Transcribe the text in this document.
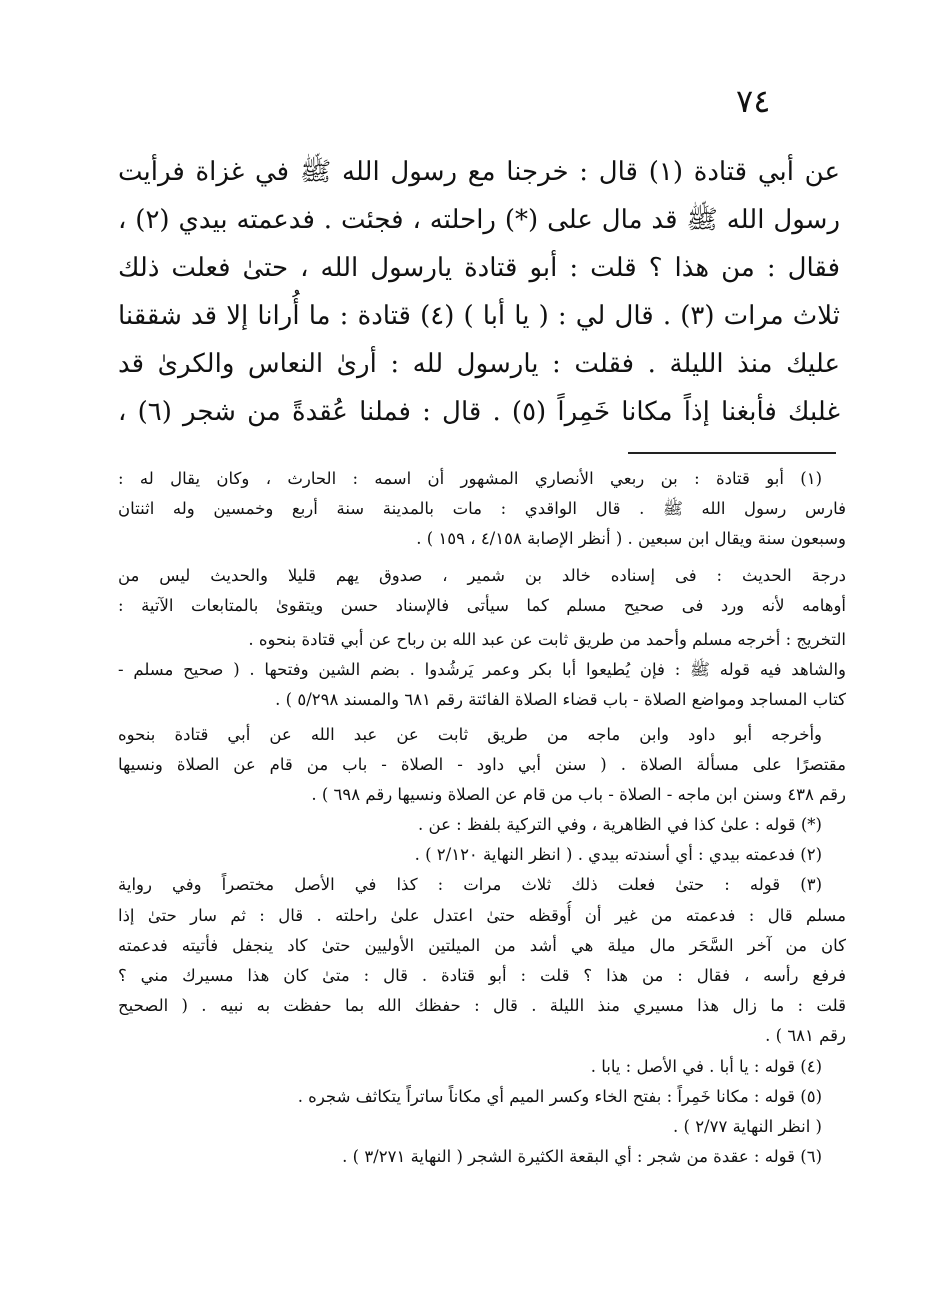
٧٤
عن أبي قتادة (١) قال : خرجنا مع رسول الله ﷺ في غزاة فرأيت
رسول الله ﷺ قد مال على (*) راحلته ، فجئت . فدعمته بيدي (٢) ،
فقال : من هذا ؟ قلت : أبو قتادة يارسول الله ، حتىٰ فعلت ذلك
ثلاث مرات (٣) . قال لي : ( يا أبا ) (٤) قتادة : ما أُرانا إلا قد شققنا
عليك منذ الليلة . فقلت : يارسول لله : أرىٰ النعاس والكرىٰ قد
غلبك فأبغنا إذاً مكانا خَمِراً (٥) . قال : فملنا عُقدةً من شجر (٦) ،
(١) أبو قتادة : بن ربعي الأنصاري المشهور أن اسمه : الحارث ، وكان يقال له :
فارس رسول الله ﷺ . قال الواقدي : مات بالمدينة سنة أربع وخمسين وله اثنتان
وسبعون سنة ويقال ابن سبعين . ( أنظر الإصابة ٤/١٥٨ ، ١٥٩ ) .
درجة الحديث : فى إسناده خالد بن شمير ، صدوق يهم قليلا والحديث ليس من
أوهامه لأنه ورد فى صحيح مسلم كما سيأتى فالإسناد حسن ويتقوىٰ بالمتابعات الآتية :
التخريج : أخرجه مسلم وأحمد من طريق ثابت عن عبد الله بن رباح عن أبي قتادة بنحوه .
والشاهد فيه قوله ﷺ : فإن يُطيعوا أبا بكر وعمر يَرشُدوا . بضم الشين وفتحها . ( صحيح مسلم -
كتاب المساجد ومواضع الصلاة - باب قضاء الصلاة الفائتة رقم ٦٨١ والمسند ٥/٢٩٨ ) .
وأخرجه أبو داود وابن ماجه من طريق ثابت عن عبد الله عن أبي قتادة بنحوه
مقتصرًا على مسألة الصلاة . ( سنن أبي داود - الصلاة - باب من قام عن الصلاة ونسيها
رقم ٤٣٨ وسنن ابن ماجه - الصلاة - باب من قام عن الصلاة ونسيها رقم ٦٩٨ ) .
(*) قوله : علىٰ كذا في الظاهرية ، وفي التركية بلفظ : عن .
(٢) فدعمته بيدي : أي أسندته بيدي . ( انظر النهاية ٢/١٢٠ ) .
(٣) قوله : حتىٰ فعلت ذلك ثلاث مرات : كذا في الأصل مختصراً وفي رواية
مسلم قال : فدعمته من غير أن أُوقظه حتىٰ اعتدل علىٰ راحلته . قال : ثم سار حتىٰ إذا
كان من آخر السَّحَر مال ميلة هي أشد من الميلتين الأوليين حتىٰ كاد ينجفل فأتيته فدعمته
فرفع رأسه ، فقال : من هذا ؟ قلت : أبو قتادة . قال : متىٰ كان هذا مسيرك مني ؟
قلت : ما زال هذا مسيري منذ الليلة . قال : حفظك الله بما حفظت به نبيه . ( الصحيح
رقم ٦٨١ ) .
(٤) قوله : يا أبا . في الأصل : يابا .
(٥) قوله : مكانا خَمِراً : بفتح الخاء وكسر الميم أي مكاناً ساتراً يتكاثف شجره .
( انظر النهاية ٢/٧٧ ) .
(٦) قوله : عقدة من شجر : أي البقعة الكثيرة الشجر ( النهاية ٣/٢٧١ ) .
